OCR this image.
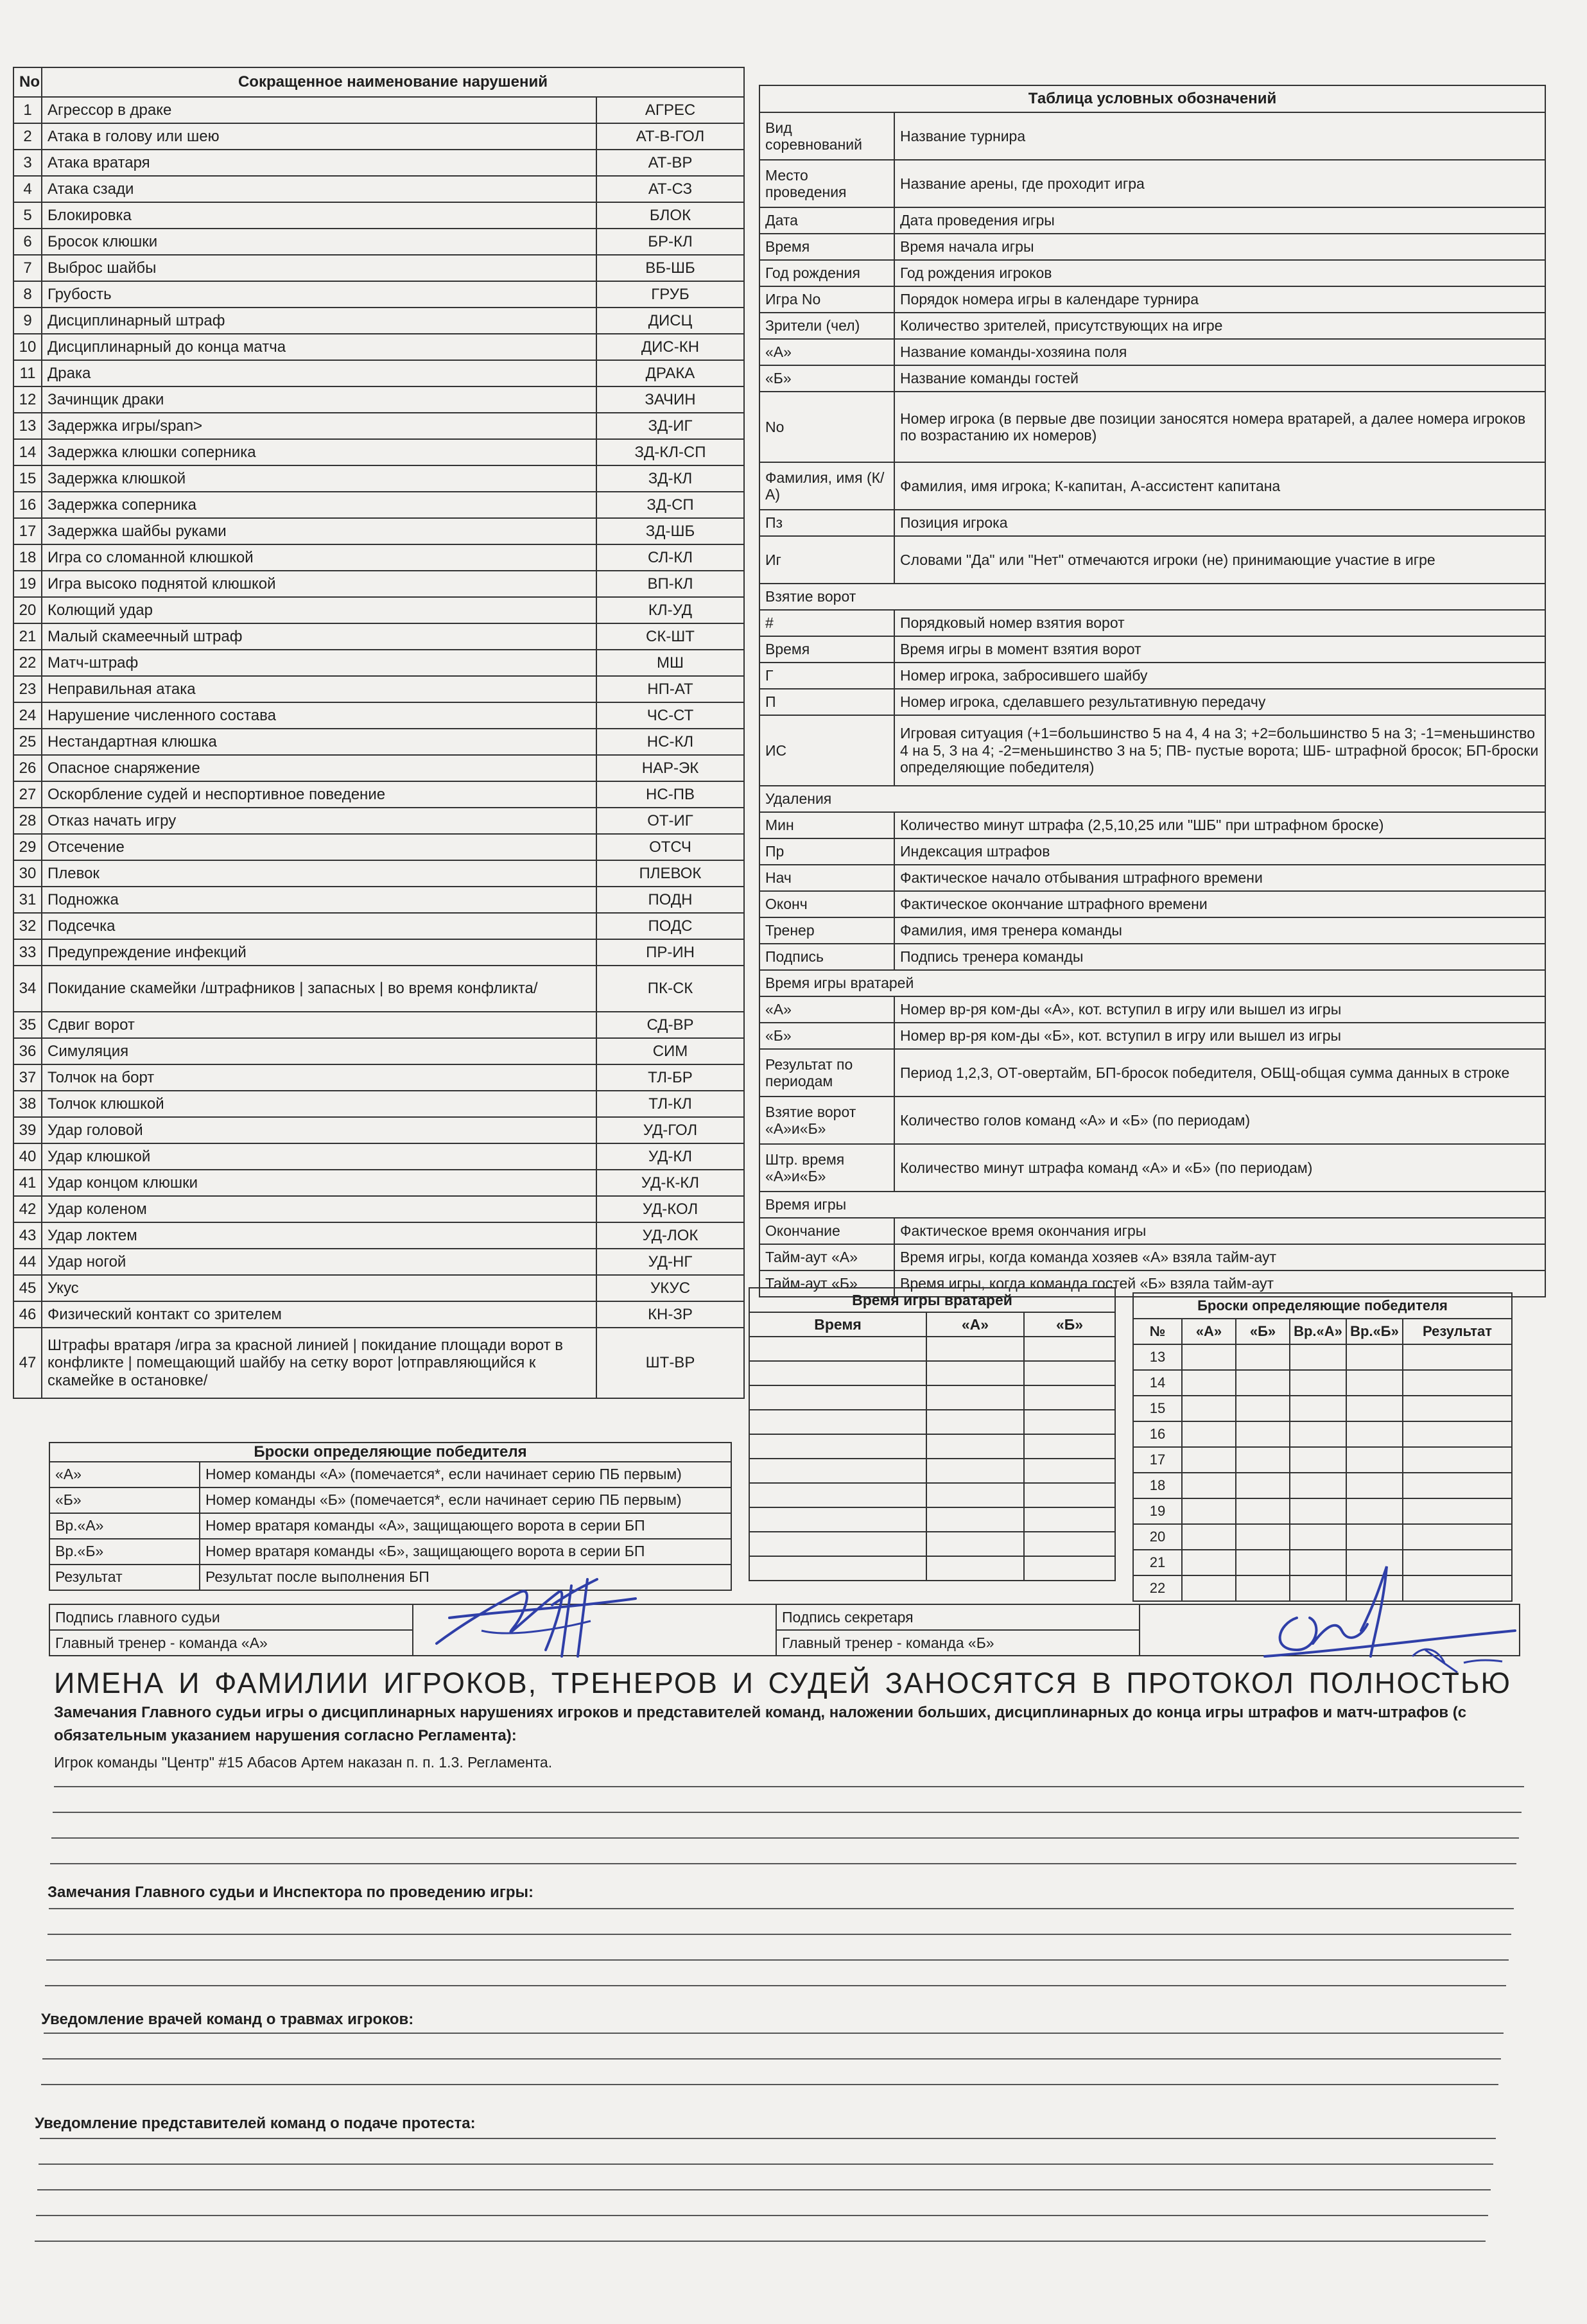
No	Сокращенное наименование нарушений	
1	Агрессор в драке	АГРЕС
2	Атака в голову или шею	АТ-В-ГОЛ
3	Атака вратаря	АТ-ВР
4	Атака сзади	АТ-СЗ
5	Блокировка	БЛОК
6	Бросок клюшки	БР-КЛ
7	Выброс шайбы	ВБ-ШБ
8	Грубость	ГРУБ
9	Дисциплинарный штраф	ДИСЦ
10	Дисциплинарный до конца матча	ДИС-КН
11	Драка	ДРАКА
12	Зачинщик драки	ЗАЧИН
13	Задержка игры/span>	ЗД-ИГ
14	Задержка клюшки соперника	ЗД-КЛ-СП
15	Задержка клюшкой	ЗД-КЛ
16	Задержка соперника	ЗД-СП
17	Задержка шайбы руками	ЗД-ШБ
18	Игра со сломанной клюшкой	СЛ-КЛ
19	Игра высоко поднятой клюшкой	ВП-КЛ
20	Колющий удар	КЛ-УД
21	Малый скамеечный штраф	СК-ШТ
22	Матч-штраф	МШ
23	Неправильная атака	НП-АТ
24	Нарушение численного состава	ЧС-СТ
25	Нестандартная клюшка	НС-КЛ
26	Опасное снаряжение	НАР-ЭК
27	Оскорбление судей и неспортивное поведение	НС-ПВ
28	Отказ начать игру	ОТ-ИГ
29	Отсечение	ОТСЧ
30	Плевок	ПЛЕВОК
31	Подножка	ПОДН
32	Подсечка	ПОДС
33	Предупреждение инфекций	ПР-ИН
34	Покидание скамейки /штрафников | запасных | во время конфликта/	ПК-СК
35	Сдвиг ворот	СД-ВР
36	Симуляция	СИМ
37	Толчок на борт	ТЛ-БР
38	Толчок клюшкой	ТЛ-КЛ
39	Удар головой	УД-ГОЛ
40	Удар клюшкой	УД-КЛ
41	Удар концом клюшки	УД-К-КЛ
42	Удар коленом	УД-КОЛ
43	Удар локтем	УД-ЛОК
44	Удар ногой	УД-НГ
45	Укус	УКУС
46	Физический контакт со зрителем	КН-ЗР
47	Штрафы вратаря /игра за красной линией | покидание площади ворот в конфликте | помещающий шайбу на сетку ворот |отправляющийся к скамейке в остановке/	ШТ-ВР
Таблица условных обозначений	
Вид соревнований	Название турнира
Место проведения	Название арены, где проходит игра
Дата	Дата проведения игры
Время	Время начала игры
Год рождения	Год рождения игроков
Игра No	Порядок номера игры в календаре турнира
Зрители (чел)	Количество зрителей, присутствующих на игре
«А»	Название команды-хозяина поля
«Б»	Название команды гостей
No	Номер игрока (в первые две позиции заносятся номера вратарей, а далее номера игроков по возрастанию их номеров)
Фамилия, имя (К/А)	Фамилия, имя игрока; К-капитан, А-ассистент капитана
Пз	Позиция игрока
Иг	Словами "Да" или "Нет" отмечаются игроки (не) принимающие участие в игре
Взятие ворот	
#	Порядковый номер взятия ворот
Время	Время игры в момент взятия ворот
Г	Номер игрока, забросившего шайбу
П	Номер игрока, сделавшего результативную передачу
ИС	Игровая ситуация (+1=большинство 5 на 4, 4 на 3; +2=большинство 5 на 3; -1=меньшинство 4 на 5, 3 на 4; -2=меньшинство 3 на 5; ПВ- пустые ворота; ШБ- штрафной бросок; БП-броски определяющие победителя)
Удаления	
Мин	Количество минут штрафа (2,5,10,25 или "ШБ" при штрафном броске)
Пр	Индексация штрафов
Нач	Фактическое начало отбывания штрафного времени
Оконч	Фактическое окончание штрафного времени
Тренер	Фамилия, имя тренера команды
Подпись	Подпись тренера команды
Время игры вратарей	
«А»	Номер вр-ря ком-ды «А», кот. вступил в игру или вышел из игры
«Б»	Номер вр-ря ком-ды «Б», кот. вступил в игру или вышел из игры
Результат по периодам	Период 1,2,3, ОТ-овертайм, БП-бросок победителя, ОБЩ-общая сумма данных в строке
Взятие ворот «А»и«Б»	Количество голов команд «А» и «Б» (по периодам)
Штр. время «А»и«Б»	Количество минут штрафа команд «А» и «Б» (по периодам)
Время игры	
Окончание	Фактическое время окончания игры
Тайм-аут «А»	Время игры, когда команда хозяев «А» взяла тайм-аут
Тайм-аут «Б»	Время игры, когда команда гостей «Б» взяла тайм-аут
Время игры вратарей		
Время	«А»	«Б»

Броски определяющие победителя					
№	«А»	«Б»	Вр.«А»	Вр.«Б»	Результат
13					
14					
15					
16					
17					
18					
19					
20					
21					
22					
Броски определяющие победителя	
«А»	Номер команды «А» (помечается*, если начинает серию ПБ первым)
«Б»	Номер команды «Б» (помечается*, если начинает серию ПБ первым)
Вр.«А»	Номер вратаря команды «А», защищающего ворота в серии БП
Вр.«Б»	Номер вратаря команды «Б», защищающего ворота в серии БП
Результат	Результат после выполнения БП
Подпись главного судьи		Подпись секретаря	
Главный тренер - команда «А»		Главный тренер - команда «Б»	
ИМЕНА И ФАМИЛИИ ИГРОКОВ, ТРЕНЕРОВ И СУДЕЙ ЗАНОСЯТСЯ В ПРОТОКОЛ ПОЛНОСТЬЮ
Замечания Главного судьи игры о дисциплинарных нарушениях игроков и представителей команд, наложении больших, дисциплинарных до конца игры штрафов и матч-штрафов (с обязательным указанием нарушения согласно Регламента):
Игрок команды "Центр" #15 Абасов Артем наказан п. п. 1.3. Регламента.
Замечания Главного судьи и Инспектора по проведению игры:
Уведомление врачей команд о травмах игроков:
Уведомление представителей команд о подаче протеста:
